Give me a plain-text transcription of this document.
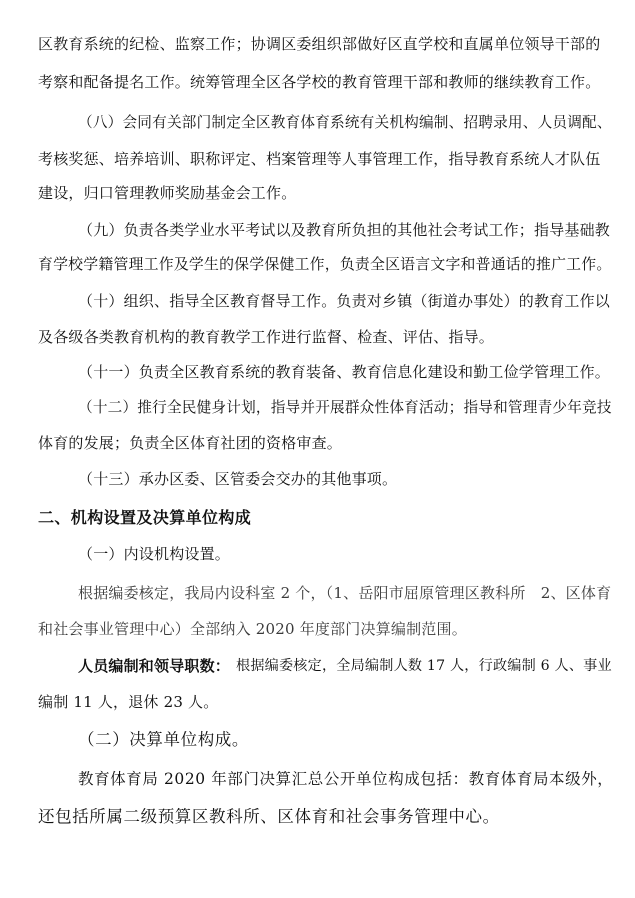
区教育系统的纪检、监察工作；协调区委组织部做好区直学校和直属单位领导干部的
考察和配备提名工作。统筹管理全区各学校的教育管理干部和教师的继续教育工作。
（八）会同有关部门制定全区教育体育系统有关机构编制、招聘录用、人员调配、
考核奖惩、培养培训、职称评定、档案管理等人事管理工作，指导教育系统人才队伍
建设，归口管理教师奖励基金会工作。
（九）负责各类学业水平考试以及教育所负担的其他社会考试工作；指导基础教
育学校学籍管理工作及学生的保学保健工作，负责全区语言文字和普通话的推广工作。
（十）组织、指导全区教育督导工作。负责对乡镇（街道办事处）的教育工作以
及各级各类教育机构的教育教学工作进行监督、检查、评估、指导。
（十一）负责全区教育系统的教育装备、教育信息化建设和勤工俭学管理工作。
（十二）推行全民健身计划，指导并开展群众性体育活动；指导和管理青少年竞技
体育的发展；负责全区体育社团的资格审查。
（十三）承办区委、区管委会交办的其他事项。
二、机构设置及决算单位构成
（一）内设机构设置。
根据编委核定，我局内设科室 2 个，（1、岳阳市屈原管理区教科所　2、区体育
和社会事业管理中心）全部纳入 2020 年度部门决算编制范围。
人员编制和领导职数： 根据编委核定，全局编制人数 17 人，行政编制 6 人、事业
编制 11 人，退休 23 人。
（二）决算单位构成。
教育体育局 2020 年部门决算汇总公开单位构成包括：教育体育局本级外，
还包括所属二级预算区教科所、区体育和社会事务管理中心。
